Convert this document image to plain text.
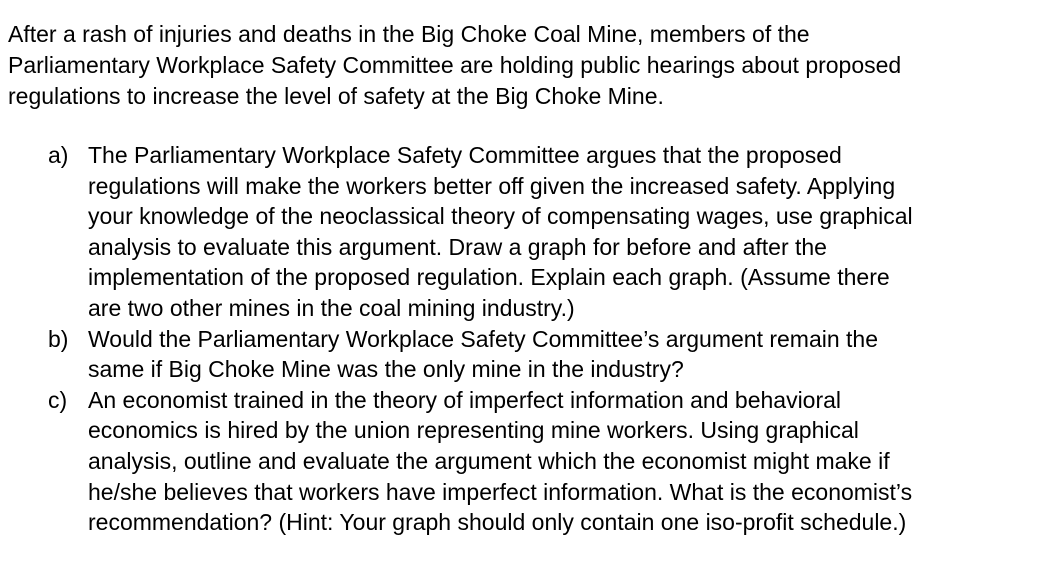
After a rash of injuries and deaths in the Big Choke Coal Mine, members of the
Parliamentary Workplace Safety Committee are holding public hearings about proposed
regulations to increase the level of safety at the Big Choke Mine.

a) The Parliamentary Workplace Safety Committee argues that the proposed
regulations will make the workers better off given the increased safety. Applying
your knowledge of the neoclassical theory of compensating wages, use graphical
analysis to evaluate this argument. Draw a graph for before and after the
implementation of the proposed regulation. Explain each graph. (Assume there
are two other mines in the coal mining industry.)
b) Would the Parliamentary Workplace Safety Committee’s argument remain the
same if Big Choke Mine was the only mine in the industry?
c) An economist trained in the theory of imperfect information and behavioral
economics is hired by the union representing mine workers. Using graphical
analysis, outline and evaluate the argument which the economist might make if
he/she believes that workers have imperfect information. What is the economist’s
recommendation? (Hint: Your graph should only contain one iso-profit schedule.)
